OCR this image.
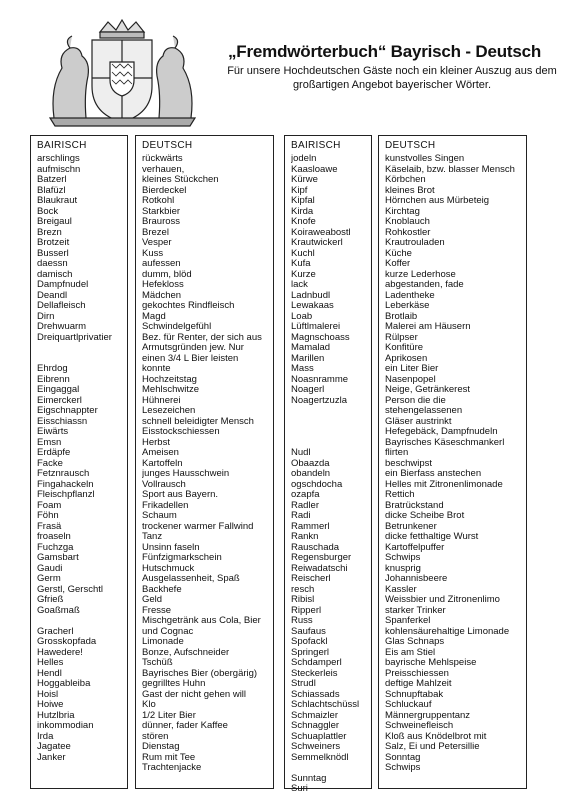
„Fremdwörterbuch“ Bayrisch - Deutsch
Für unsere Hochdeutschen Gäste noch ein kleiner Auszug aus dem
großartigen Angebot bayerischer Wörter.
BAIRISCH
arschlings
aufmischn
Batzerl
Blafüzl
Blaukraut
Bock
Breigaul
Brezn
Brotzeit
Busserl
daessn
damisch
Dampfnudel
Deandl
Dellafleisch
Dirn
Drehwuarm
Dreiquartlprivatier
Ehrdog
Eibrenn
Eingaggal
Eimerckerl
Eigschnappter
Eisschiassn
Eiwärts
Emsn
Erdäpfe
Facke
Fetznrausch
Fingahackeln
Fleischpflanzl
Foam
Föhn
Frasä
froaseln
Fuchzga
Gamsbart
Gaudi
Germ
Gerstl, Gerschtl
Gfrieß
Goaßmaß
Gracherl
Grosskopfada
Hawedere!
Helles
Hendl
Hoggableiba
Hoisl
Hoiwe
Hutzlbria
inkommodian
Irda
Jagatee
Janker
DEUTSCH
rückwärts
verhauen,
kleines Stückchen
Bierdeckel
Rotkohl
Starkbier
Brauross
Brezel
Vesper
Kuss
aufessen
dumm, blöd
Hefekloss
Mädchen
gekochtes Rindfleisch
Magd
Schwindelgefühl
Bez. für Renter, der sich aus
Armutsgründen jew. Nur
einen 3/4 L Bier leisten
konnte
Hochzeitstag
Mehlschwitze
Hühnerei
Lesezeichen
schnell beleidigter Mensch
Eisstockschiessen
Herbst
Ameisen
Kartoffeln
junges Hausschwein
Vollrausch
Sport aus Bayern.
Frikadellen
Schaum
trockener warmer Fallwind
Tanz
Unsinn faseln
Fünfzigmarkschein
Hutschmuck
Ausgelassenheit, Spaß
Backhefe
Geld
Fresse
Mischgetränk aus Cola, Bier
und Cognac
Limonade
Bonze, Aufschneider
Tschüß
Bayrisches Bier (obergärig)
gegrilltes Huhn
Gast der nicht gehen will
Klo
1/2 Liter Bier
dünner, fader Kaffee
stören
Dienstag
Rum mit Tee
Trachtenjacke
BAIRISCH
jodeln
Kaasloawe
Kürwe
Kipf
Kipfal
Kirda
Knofe
Koiraweabostl
Krautwickerl
Kuchl
Kufa
Kurze
lack
Ladnbudl
Lewakaas
Loab
Lüftlmalerei
Magnschoass
Mamalad
Marillen
Mass
Noasnramme
Noagerl
Noagertzuzla
Nudl
Obaazda
obandeln
ogschdocha
ozapfa
Radler
Radi
Rammerl
Rankn
Rauschada
Regensburger
Reiwadatschi
Reischerl
resch
Ribisl
Ripperl
Russ
Saufaus
Spofackl
Springerl
Schdamperl
Steckerleis
Strudl
Schiassads
Schlachtschüssl
Schmaizler
Schnaggler
Schuaplattler
Schweiners
Semmelknödl
Sunntag
Suri
DEUTSCH
kunstvolles Singen
Käselaib, bzw. blasser Mensch
Körbchen
kleines Brot
Hörnchen aus Mürbeteig
Kirchtag
Knoblauch
Rohkostler
Krautrouladen
Küche
Koffer
kurze Lederhose
abgestanden, fade
Ladentheke
Leberkäse
Brotlaib
Malerei am Häusern
Rülpser
Konfitüre
Aprikosen
ein Liter Bier
Nasenpopel
Neige, Getränkerest
Person die die
stehengelassenen
Gläser austrinkt
Hefegebäck, Dampfnudeln
Bayrisches Käseschmankerl
flirten
beschwipst
ein Bierfass anstechen
Helles mit Zitronenlimonade
Rettich
Bratrückstand
dicke Scheibe Brot
Betrunkener
dicke fetthaltige Wurst
Kartoffelpuffer
Schwips
knusprig
Johannisbeere
Kassler
Weissbier und Zitronenlimo
starker Trinker
Spanferkel
kohlensäurehaltige Limonade
Glas Schnaps
Eis am Stiel
bayrische Mehlspeise
Preisschiessen
deftige Mahlzeit
Schnupftabak
Schluckauf
Männergruppentanz
Schweinefleisch
Kloß aus Knödelbrot mit
Salz, Ei und Petersillie
Sonntag
Schwips
